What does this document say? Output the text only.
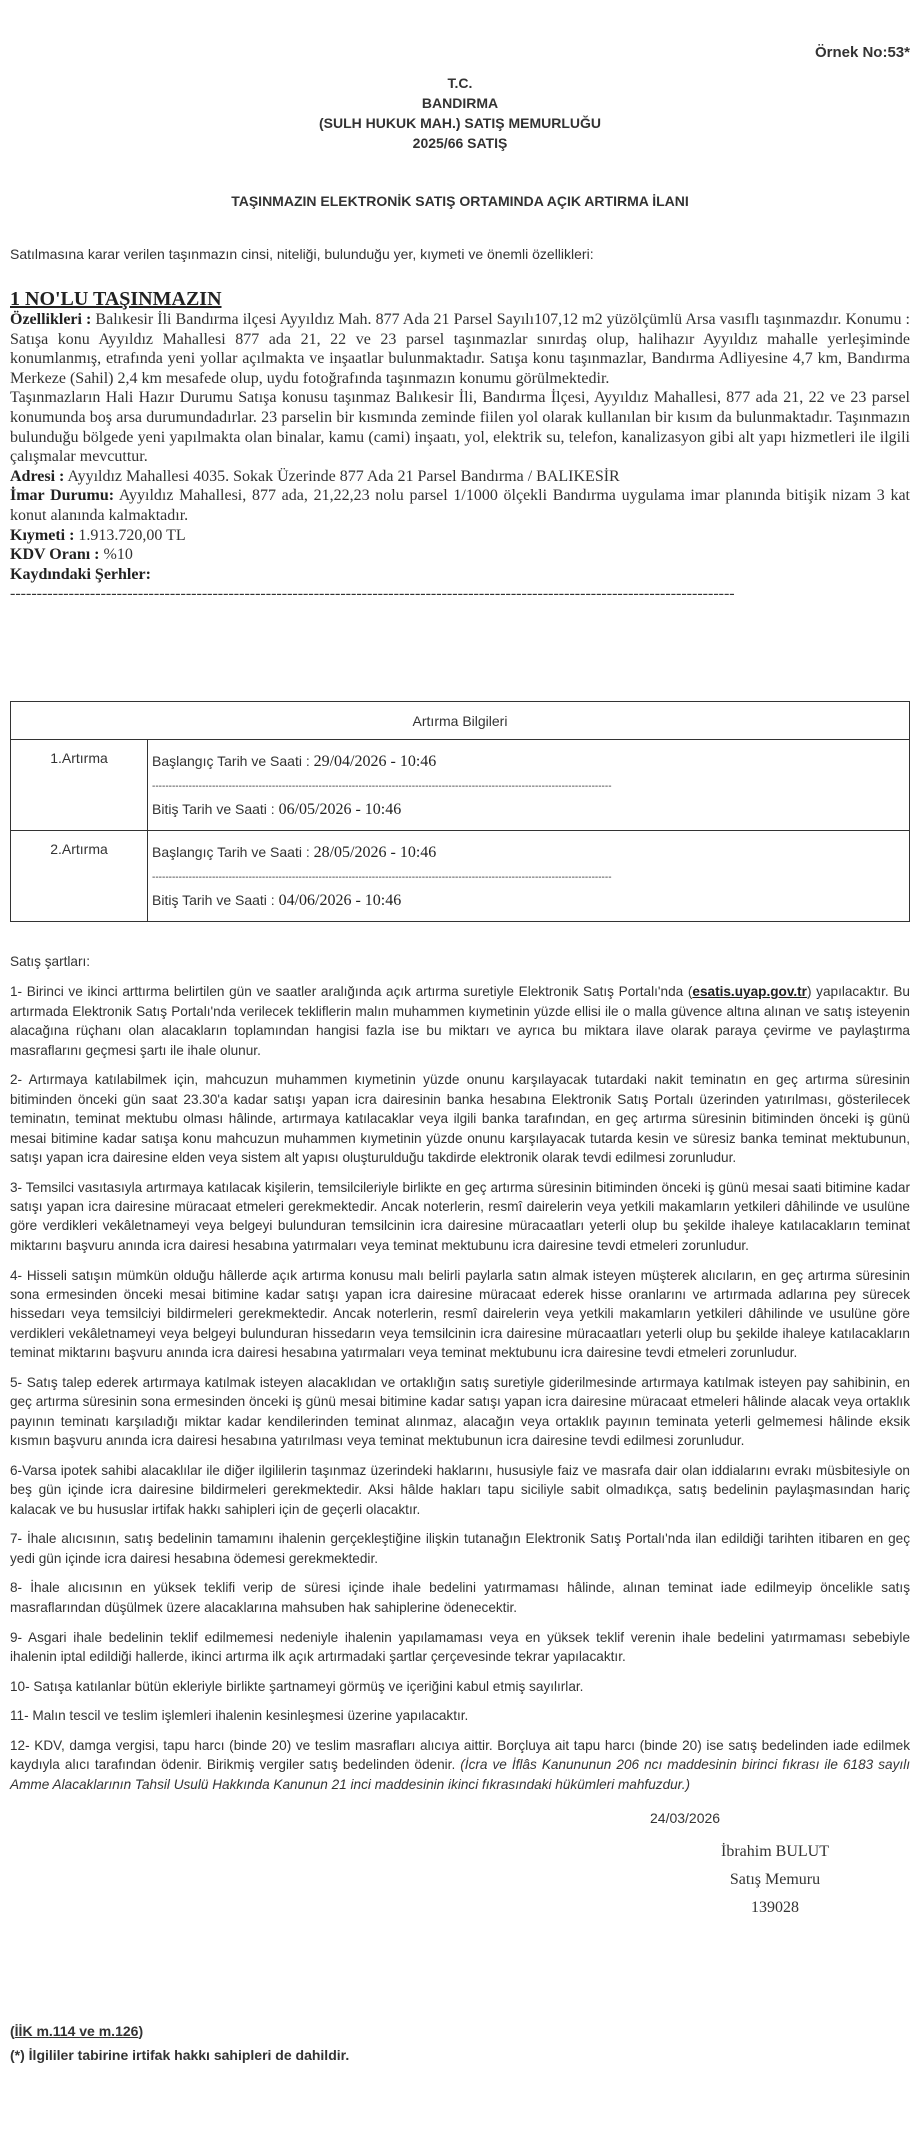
Örnek No:53*
T.C.
BANDIRMA
(SULH HUKUK MAH.) SATIŞ MEMURLUĞU
2025/66 SATIŞ
TAŞINMAZIN ELEKTRONİK SATIŞ ORTAMINDA AÇIK ARTIRMA İLANI
Satılmasına karar verilen taşınmazın cinsi, niteliği, bulunduğu yer, kıymeti ve önemli özellikleri:
1 NO'LU TAŞINMAZIN

Özellikleri : Balıkesir İli Bandırma ilçesi Ayyıldız Mah. 877 Ada 21 Parsel Sayılı107,12 m2 yüzölçümlü Arsa vasıflı taşınmazdır. Konumu : Satışa konu Ayyıldız Mahallesi 877 ada 21, 22 ve 23 parsel taşınmazlar sınırdaş olup, halihazır Ayyıldız mahalle yerleşiminde konumlanmış, etrafında yeni yollar açılmakta ve inşaatlar bulunmaktadır. Satışa konu taşınmazlar, Bandırma Adliyesine 4,7 km, Bandırma Merkeze (Sahil) 2,4 km mesafede olup, uydu fotoğrafında taşınmazın konumu görülmektedir.

Taşınmazların Hali Hazır Durumu Satışa konusu taşınmaz Balıkesir İli, Bandırma İlçesi, Ayyıldız Mahallesi, 877 ada 21, 22 ve 23 parsel konumunda boş arsa durumundadırlar. 23 parselin bir kısmında zeminde fiilen yol olarak kullanılan bir kısım da bulunmaktadır. Taşınmazın bulunduğu bölgede yeni yapılmakta olan binalar, kamu (cami) inşaatı, yol, elektrik su, telefon, kanalizasyon gibi alt yapı hizmetleri ile ilgili çalışmalar mevcuttur.

Adresi : Ayyıldız Mahallesi 4035. Sokak Üzerinde 877 Ada 21 Parsel Bandırma / BALIKESİR

İmar Durumu: Ayyıldız Mahallesi, 877 ada, 21,22,23 nolu parsel 1/1000 ölçekli Bandırma uygulama imar planında bitişik nizam 3 kat konut alanında kalmaktadır.

Kıymeti : 1.913.720,00 TL

KDV Oranı : %10

Kaydındaki Şerhler:

----------------------------------------------------------------------------------------------------------------------------------------
Artırma Bilgileri	
1.Artırma	Başlangıç Tarih ve Saati : 29/04/2026 - 10:46
------------------------------------------------------------------------------------------------------------------------------------------
Bitiş Tarih ve Saati : 06/05/2026 - 10:46

2.Artırma	Başlangıç Tarih ve Saati : 28/05/2026 - 10:46
------------------------------------------------------------------------------------------------------------------------------------------
Bitiş Tarih ve Saati : 04/06/2026 - 10:46

Satış şartları:

1- Birinci ve ikinci arttırma belirtilen gün ve saatler aralığında açık artırma suretiyle Elektronik Satış Portalı'nda (esatis.uyap.gov.tr) yapılacaktır. Bu artırmada Elektronik Satış Portalı'nda verilecek tekliflerin malın muhammen kıymetinin yüzde ellisi ile o malla güvence altına alınan ve satış isteyenin alacağına rüçhanı olan alacakların toplamından hangisi fazla ise bu miktarı ve ayrıca bu miktara ilave olarak paraya çevirme ve paylaştırma masraflarını geçmesi şartı ile ihale olunur.

2- Artırmaya katılabilmek için, mahcuzun muhammen kıymetinin yüzde onunu karşılayacak tutardaki nakit teminatın en geç artırma süresinin bitiminden önceki gün saat 23.30'a kadar satışı yapan icra dairesinin banka hesabına Elektronik Satış Portalı üzerinden yatırılması, gösterilecek teminatın, teminat mektubu olması hâlinde, artırmaya katılacaklar veya ilgili banka tarafından, en geç artırma süresinin bitiminden önceki iş günü mesai bitimine kadar satışa konu mahcuzun muhammen kıymetinin yüzde onunu karşılayacak tutarda kesin ve süresiz banka teminat mektubunun, satışı yapan icra dairesine elden veya sistem alt yapısı oluşturulduğu takdirde elektronik olarak tevdi edilmesi zorunludur.

3- Temsilci vasıtasıyla artırmaya katılacak kişilerin, temsilcileriyle birlikte en geç artırma süresinin bitiminden önceki iş günü mesai saati bitimine kadar satışı yapan icra dairesine müracaat etmeleri gerekmektedir. Ancak noterlerin, resmî dairelerin veya yetkili makamların yetkileri dâhilinde ve usulüne göre verdikleri vekâletnameyi veya belgeyi bulunduran temsilcinin icra dairesine müracaatları yeterli olup bu şekilde ihaleye katılacakların teminat miktarını başvuru anında icra dairesi hesabına yatırmaları veya teminat mektubunu icra dairesine tevdi etmeleri zorunludur.

4- Hisseli satışın mümkün olduğu hâllerde açık artırma konusu malı belirli paylarla satın almak isteyen müşterek alıcıların, en geç artırma süresinin sona ermesinden önceki mesai bitimine kadar satışı yapan icra dairesine müracaat ederek hisse oranlarını ve artırmada adlarına pey sürecek hissedarı veya temsilciyi bildirmeleri gerekmektedir. Ancak noterlerin, resmî dairelerin veya yetkili makamların yetkileri dâhilinde ve usulüne göre verdikleri vekâletnameyi veya belgeyi bulunduran hissedarın veya temsilcinin icra dairesine müracaatları yeterli olup bu şekilde ihaleye katılacakların teminat miktarını başvuru anında icra dairesi hesabına yatırmaları veya teminat mektubunu icra dairesine tevdi etmeleri zorunludur.

5- Satış talep ederek artırmaya katılmak isteyen alacaklıdan ve ortaklığın satış suretiyle giderilmesinde artırmaya katılmak isteyen pay sahibinin, en geç artırma süresinin sona ermesinden önceki iş günü mesai bitimine kadar satışı yapan icra dairesine müracaat etmeleri hâlinde alacak veya ortaklık payının teminatı karşıladığı miktar kadar kendilerinden teminat alınmaz, alacağın veya ortaklık payının teminata yeterli gelmemesi hâlinde eksik kısmın başvuru anında icra dairesi hesabına yatırılması veya teminat mektubunun icra dairesine tevdi edilmesi zorunludur.

6-Varsa ipotek sahibi alacaklılar ile diğer ilgililerin taşınmaz üzerindeki haklarını, hususiyle faiz ve masrafa dair olan iddialarını evrakı müsbitesiyle on beş gün içinde icra dairesine bildirmeleri gerekmektedir. Aksi hâlde hakları tapu siciliyle sabit olmadıkça, satış bedelinin paylaşmasından hariç kalacak ve bu hususlar irtifak hakkı sahipleri için de geçerli olacaktır.

7- İhale alıcısının, satış bedelinin tamamını ihalenin gerçekleştiğine ilişkin tutanağın Elektronik Satış Portalı'nda ilan edildiği tarihten itibaren en geç yedi gün içinde icra dairesi hesabına ödemesi gerekmektedir.

8- İhale alıcısının en yüksek teklifi verip de süresi içinde ihale bedelini yatırmaması hâlinde, alınan teminat iade edilmeyip öncelikle satış masraflarından düşülmek üzere alacaklarına mahsuben hak sahiplerine ödenecektir.

9- Asgari ihale bedelinin teklif edilmemesi nedeniyle ihalenin yapılamaması veya en yüksek teklif verenin ihale bedelini yatırmaması sebebiyle ihalenin iptal edildiği hallerde, ikinci artırma ilk açık artırmadaki şartlar çerçevesinde tekrar yapılacaktır.

10- Satışa katılanlar bütün ekleriyle birlikte şartnameyi görmüş ve içeriğini kabul etmiş sayılırlar.

11- Malın tescil ve teslim işlemleri ihalenin kesinleşmesi üzerine yapılacaktır.

12- KDV, damga vergisi, tapu harcı (binde 20) ve teslim masrafları alıcıya aittir. Borçluya ait tapu harcı (binde 20) ise satış bedelinden iade edilmek kaydıyla alıcı tarafından ödenir. Birikmiş vergiler satış bedelinden ödenir. (İcra ve İflâs Kanununun 206 ncı maddesinin birinci fıkrası ile 6183 sayılı Amme Alacaklarının Tahsil Usulü Hakkında Kanunun 21 inci maddesinin ikinci fıkrasındaki hükümleri mahfuzdur.)

24/03/2026
İbrahim BULUT
Satış Memuru
139028
(İİK m.114 ve m.126)
(*) İlgililer tabirine irtifak hakkı sahipleri de dahildir.
